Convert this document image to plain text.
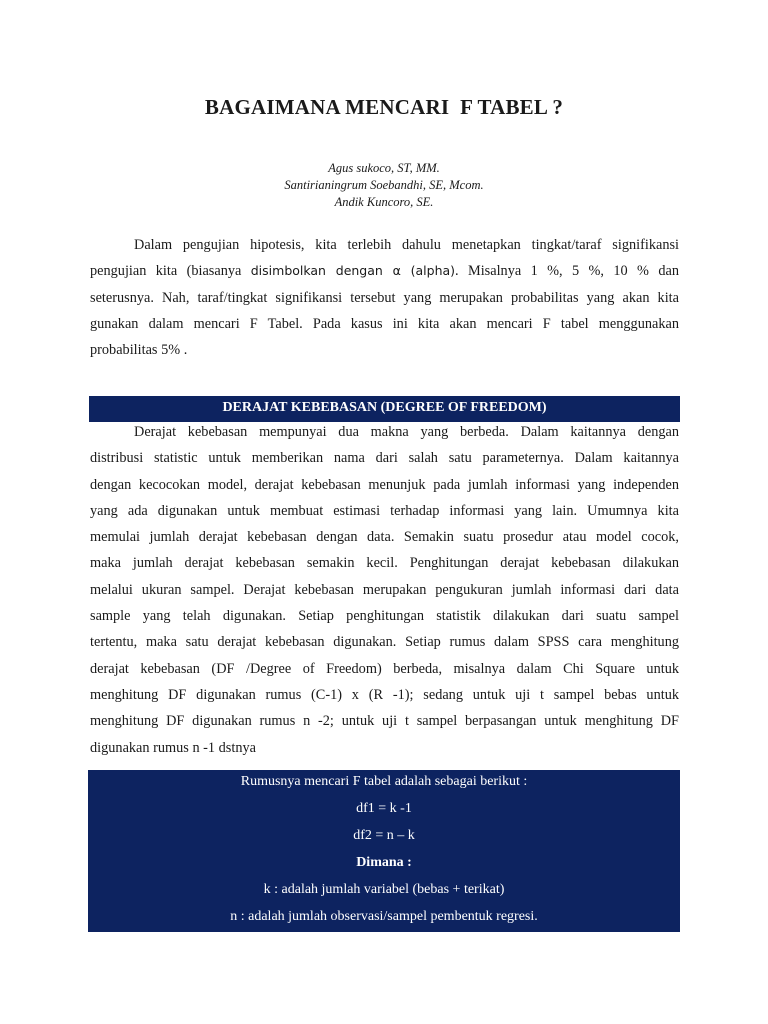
BAGAIMANA MENCARI  F TABEL ?
Agus sukoco, ST, MM.
Santirianingrum Soebandhi, SE, Mcom.
Andik Kuncoro, SE.
Dalam pengujian hipotesis, kita terlebih dahulu menetapkan tingkat/taraf signifikansi
pengujian kita (biasanya disimbolkan dengan α (alpha). Misalnya 1 %, 5 %, 10 % dan
seterusnya. Nah, taraf/tingkat signifikansi tersebut yang merupakan probabilitas yang akan kita
gunakan dalam mencari F Tabel. Pada kasus ini kita akan mencari F tabel menggunakan
probabilitas 5% .
DERAJAT KEBEBASAN (DEGREE OF FREEDOM)
Derajat kebebasan mempunyai dua makna yang berbeda. Dalam kaitannya dengan
distribusi statistic untuk memberikan nama dari salah satu parameternya. Dalam kaitannya
dengan kecocokan model, derajat kebebasan menunjuk pada jumlah informasi yang independen
yang ada digunakan untuk membuat estimasi terhadap informasi yang lain. Umumnya kita
memulai jumlah derajat kebebasan dengan data. Semakin suatu prosedur atau model cocok,
maka jumlah derajat kebebasan semakin kecil. Penghitungan derajat kebebasan dilakukan
melalui ukuran sampel. Derajat kebebasan merupakan pengukuran jumlah informasi dari data
sample yang telah digunakan. Setiap penghitungan statistik dilakukan dari suatu sampel
tertentu, maka satu derajat kebebasan digunakan. Setiap rumus dalam SPSS cara menghitung
derajat kebebasan (DF /Degree of Freedom) berbeda, misalnya dalam Chi Square untuk
menghitung DF digunakan rumus (C-1) x (R -1); sedang untuk uji t sampel bebas untuk
menghitung DF digunakan rumus n -2; untuk uji t sampel berpasangan untuk menghitung DF
digunakan rumus n -1 dstnya
Rumusnya mencari F tabel adalah sebagai berikut :
df1 = k -1
df2 = n – k
Dimana :
k : adalah jumlah variabel (bebas + terikat)
n : adalah jumlah observasi/sampel pembentuk regresi.
